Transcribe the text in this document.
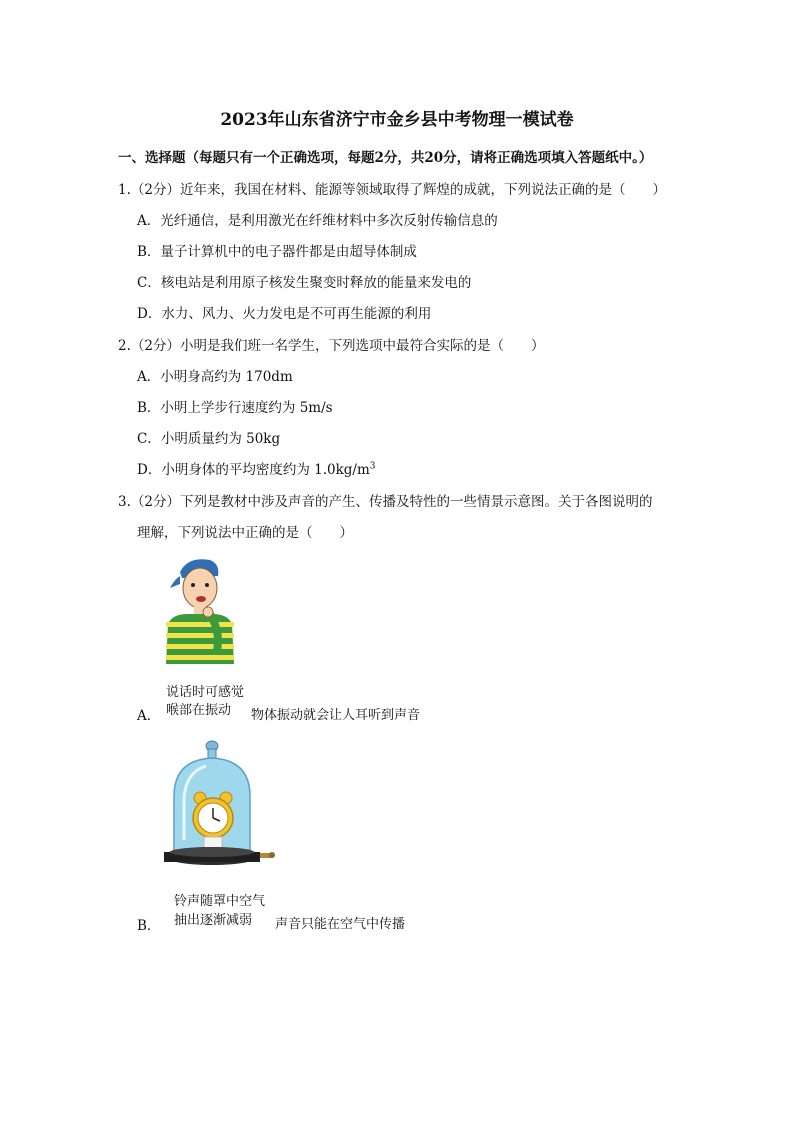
2023年山东省济宁市金乡县中考物理一模试卷
一、选择题（每题只有一个正确选项，每题2分，共20分，请将正确选项填入答题纸中。）
1.（2分）近年来，我国在材料、能源等领域取得了辉煌的成就，下列说法正确的是（　　）
A．光纤通信，是利用激光在纤维材料中多次反射传输信息的
B．量子计算机中的电子器件都是由超导体制成
C．核电站是利用原子核发生聚变时释放的能量来发电的
D．水力、风力、火力发电是不可再生能源的利用
2.（2分）小明是我们班一名学生，下列选项中最符合实际的是（　　）
A．小明身高约为 170dm
B．小明上学步行速度约为 5m/s
C．小明质量约为 50kg
D．小明身体的平均密度约为 $1.0kg/m^3$
3.（2分）下列是教材中涉及声音的产生、传播及特性的一些情景示意图。关于各图说明的
理解，下列说法中正确的是（　　）
说话时可感觉
A． 喉部在振动 物体振动就会让人耳听到声音
铃声随罩中空气
B． 抽出逐渐减弱 声音只能在空气中传播
